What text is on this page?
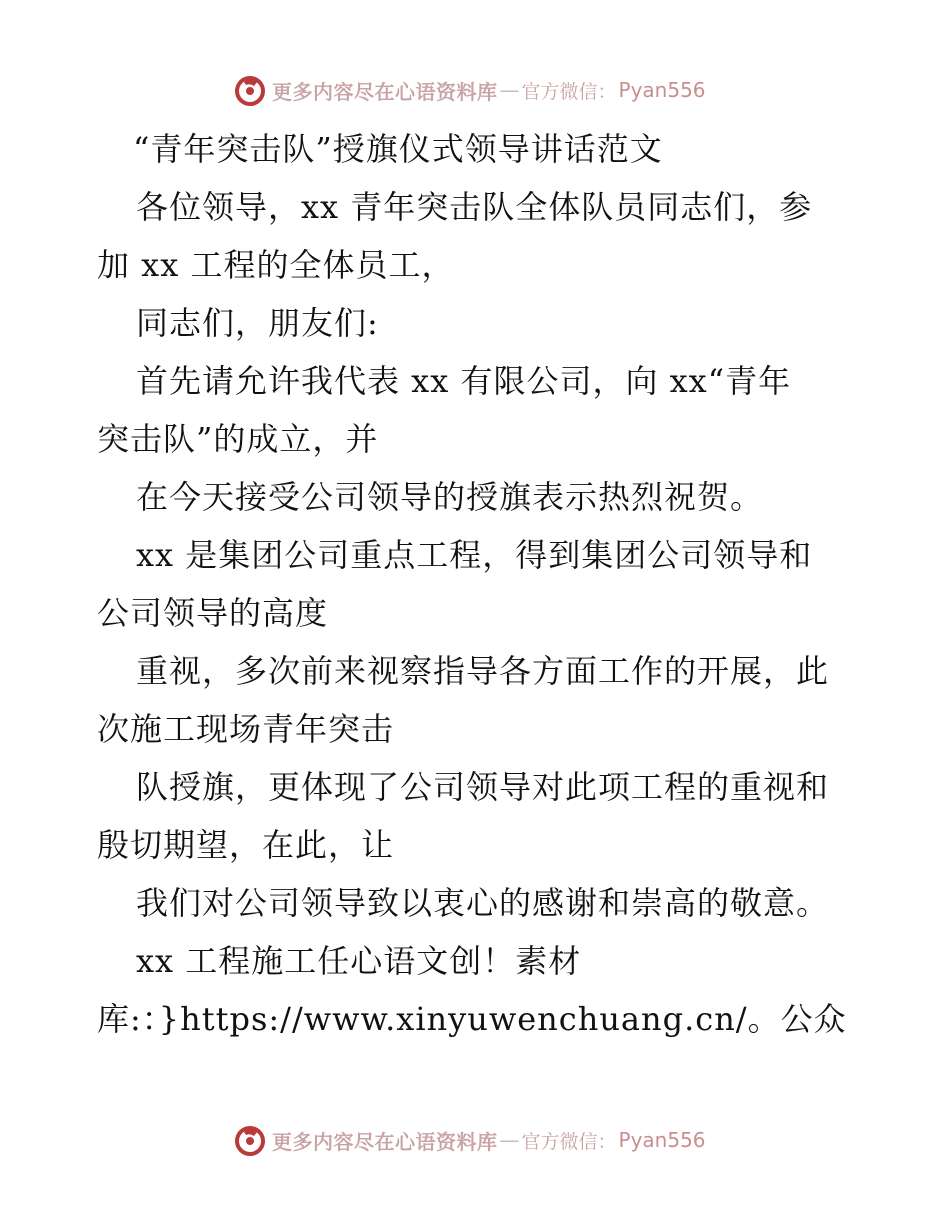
更多内容尽在心语资料库 — 官方微信： Pyan556
“青年突击队”授旗仪式领导讲话范文
各位领导，xx 青年突击队全体队员同志们，参
加 xx 工程的全体员工，
同志们，朋友们:
首先请允许我代表 xx 有限公司，向 xx“青年
突击队”的成立，并
在今天接受公司领导的授旗表示热烈祝贺。
xx 是集团公司重点工程，得到集团公司领导和
公司领导的高度
重视，多次前来视察指导各方面工作的开展，此
次施工现场青年突击
队授旗，更体现了公司领导对此项工程的重视和
殷切期望，在此，让
我们对公司领导致以衷心的感谢和崇高的敬意。
xx 工程施工任心语文创！素材
库:：}https://www.xinyuwenchuang.cn/。公众
更多内容尽在心语资料库 — 官方微信： Pyan556
